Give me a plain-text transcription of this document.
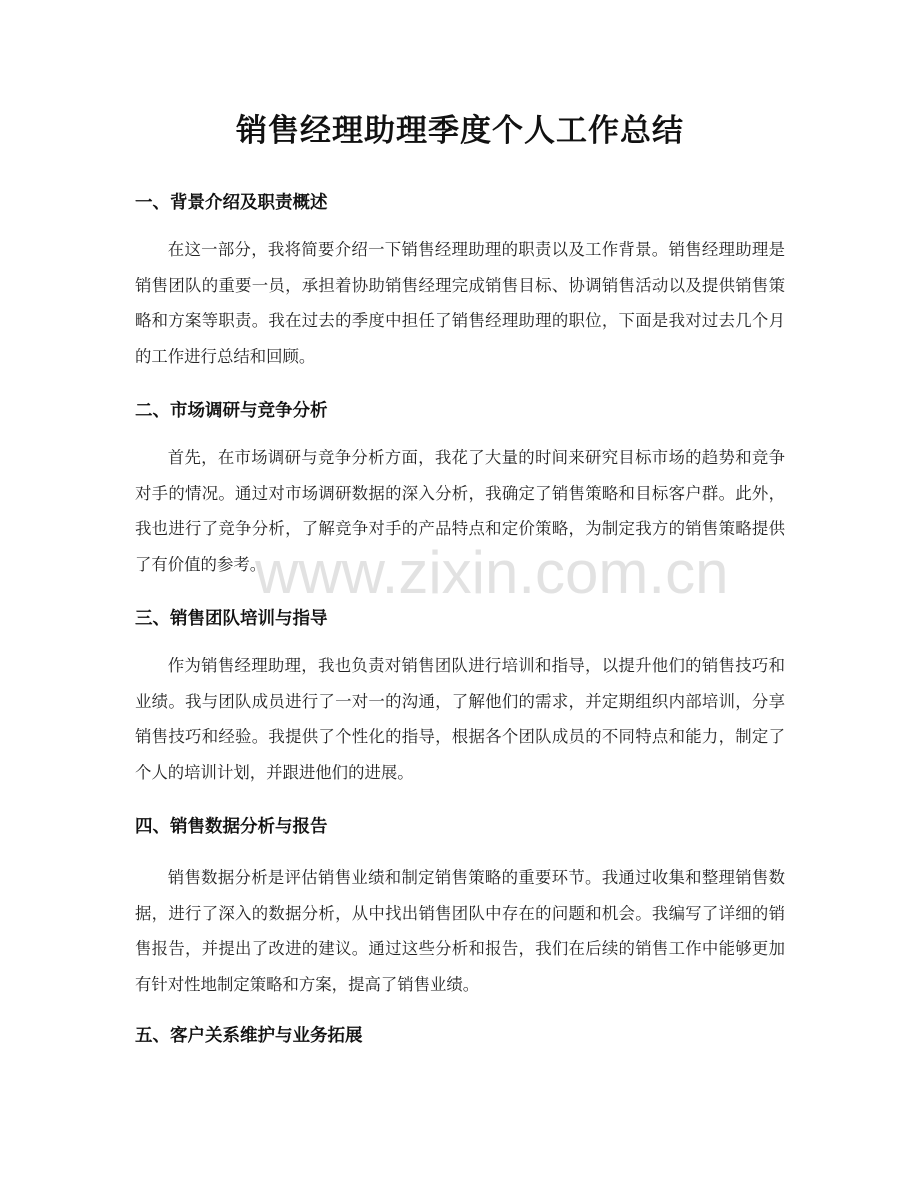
销售经理助理季度个人工作总结
一、背景介绍及职责概述

在这一部分，我将简要介绍一下销售经理助理的职责以及工作背景。销售经理助理是销售团队的重要一员，承担着协助销售经理完成销售目标、协调销售活动以及提供销售策略和方案等职责。我在过去的季度中担任了销售经理助理的职位，下面是我对过去几个月的工作进行总结和回顾。

二、市场调研与竞争分析

首先，在市场调研与竞争分析方面，我花了大量的时间来研究目标市场的趋势和竞争对手的情况。通过对市场调研数据的深入分析，我确定了销售策略和目标客户群。此外，我也进行了竞争分析，了解竞争对手的产品特点和定价策略，为制定我方的销售策略提供了有价值的参考。

三、销售团队培训与指导

作为销售经理助理，我也负责对销售团队进行培训和指导，以提升他们的销售技巧和业绩。我与团队成员进行了一对一的沟通，了解他们的需求，并定期组织内部培训，分享销售技巧和经验。我提供了个性化的指导，根据各个团队成员的不同特点和能力，制定了个人的培训计划，并跟进他们的进展。

四、销售数据分析与报告

销售数据分析是评估销售业绩和制定销售策略的重要环节。我通过收集和整理销售数据，进行了深入的数据分析，从中找出销售团队中存在的问题和机会。我编写了详细的销售报告，并提出了改进的建议。通过这些分析和报告，我们在后续的销售工作中能够更加有针对性地制定策略和方案，提高了销售业绩。

五、客户关系维护与业务拓展
www.zixin.com.cn
